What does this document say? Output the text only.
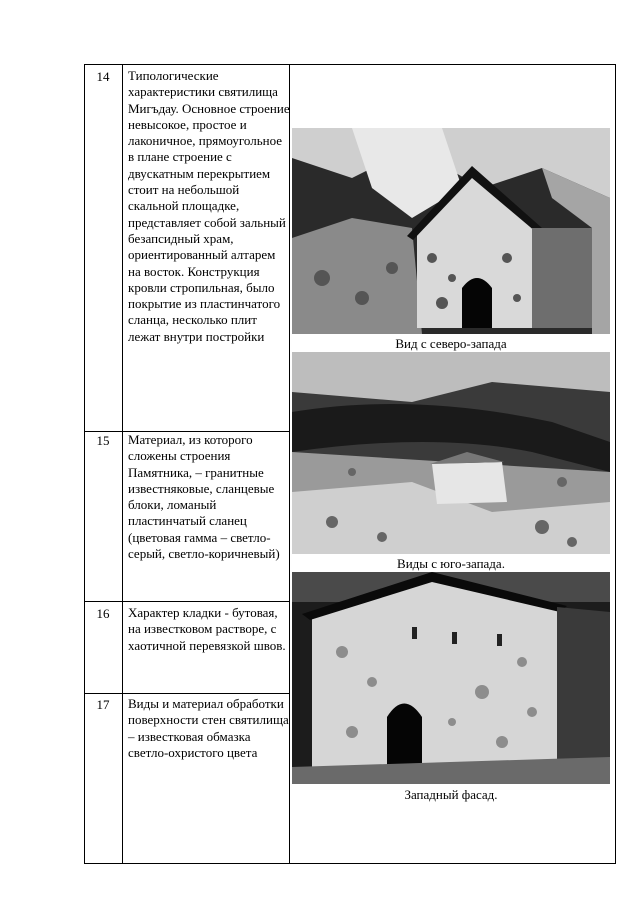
14	Типологические характеристики святилища Мигъдау. Основное строение невысокое, простое и лаконичное, прямоугольное в плане строение с двускатным перекрытием стоит на небольшой скальной площадке, представляет собой зальный безапсидный храм, ориентированный алтарем на восток. Конструкция кровли стропильная, было покрытие из пластинчатого сланца, несколько плит лежат внутри постройки
15	Материал, из которого сложены строения Памятника, – гранитные известняковые, сланцевые блоки, ломаный пластинчатый сланец (цветовая гамма – светло-серый, светло-коричневый)
16	Характер кладки - бутовая, на известковом растворе, с хаотичной перевязкой швов.
17	Виды и материал обработки поверхности стен святилища – известковая обмазка светло-охристого цвета
Вид с северо-запада
Виды с юго-запада.
Западный фасад.
